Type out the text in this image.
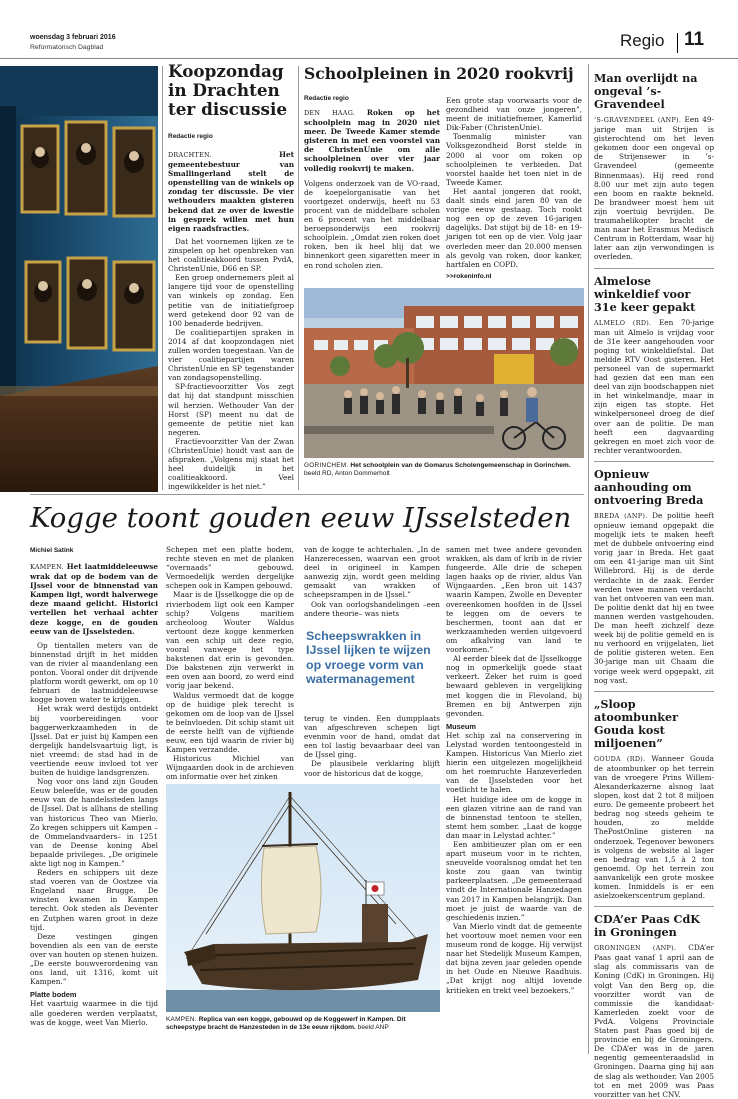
woensdag 3 februari 2016
Reformatorisch Dagblad	Regio 11
Koopzondag in Drachten ter discussie
Redactie regio
DRACHTEN.	Het gemeentebestuur van Smallingerland stelt de openstelling van de winkels op zondag ter discussie. De vier wethouders maakten gisteren bekend dat ze over de kwestie in gesprek willen met hun eigen raadsfracties.

Dat het voornemen lijken ze te zinspelen op het openbreken van het coalitieakkoord tussen PvdA, ChristenUnie, D66 en SP.

Een groep ondernemers pleit al langere tijd voor de openstelling van winkels op zondag. Een petitie van de initiatiefgroep werd getekend door 92 van de 100 benaderde bedrijven.

De coalitiepartijen spraken in 2014 af dat koopzondagen niet zullen worden toegestaan. Van de vier coalitiepartijen waren ChristenUnie en SP tegenstander van zondagsopenstelling.

SP-fractievoorzitter Vos zegt dat hij dat standpunt misschien wil herzien. Wethouder Van der Horst (SP) meent nu dat de gemeente de petitie niet kan negeren.

Fractievoorzitter Van der Zwan (ChristenUnie) houdt vast aan de afspraken. „Volgens mij staat het heel duidelijk in het coalitieakkoord. Veel ingewikkelder is het niet.”

Schoolpleinen in 2020 rookvrij
Redactie regio
DEN HAAG. Roken op het schoolplein mag in 2020 niet meer. De Tweede Kamer stemde gisteren in met een voorstel van de ChristenUnie om alle schoolpleinen over vier jaar volledig rookvrij te maken.

Volgens onderzoek van de VO-raad, de koepelorganisatie van het voortgezet onderwijs, heeft nu 53 procent van de middelbare scholen en 6 procent van het middelbaar beroepsonderwijs een rookvrij schoolplein. „Omdat zien roken doet roken, ben ik heel blij dat we binnenkort geen sigaretten meer in en rond scholen zien.

Een grote stap voorwaarts voor de gezondheid van onze jongeren”, meent de initiatiefnemer, Kamerlid Dik-Faber (ChristenUnie).

Toenmalig minister van Volksgezondheid Borst stelde in 2000 al voor om roken op schoolpleinen te verbieden. Dat voorstel haalde het toen niet in de Tweede Kamer.

Het aantal jongeren dat rookt, daalt sinds eind jaren 80 van de vorige eeuw gestaag. Toch rookt nog een op de zeven 16-jarigen dagelijks. Dat stijgt bij de 18- en 19-jarigen tot een op de vier. Volg jaar overleden meer dan 20.000 mensen als gevolg van roken, door kanker, hartfalen en COPD.

>>rokeninfo.nl
GORINCHEM. Het schoolplein van de Gomarus Scholengemeenschap in Gorinchem. beeld RD, Anton Dommerholt
Kogge toont gouden eeuw IJsselsteden
Michiel Satink
KAMPEN. Het laatmiddeleeuwse wrak dat op de bodem van de IJssel voor de binnenstad van Kampen ligt, wordt halverwege deze maand gelicht. Historici vertellen het verhaal achter deze kogge, en de gouden eeuw van de IJsselsteden.

Op tientallen meters van de binnenstad drijft in het midden van de rivier al maandenlang een ponton. Vooral onder dit drijvende platform wordt gewerkt, om op 10 februari de laatmiddeleeuwse kogge boven water te krijgen.

Het wrak werd destijds ontdekt bij voorbereidingen voor baggerwerkzaamheden in de IJssel. Dat er juist bij Kampen een dergelijk handelsvaartuig ligt, is niet vreemd: de stad had in de veertiende eeuw invloed tot ver buiten de huidige landsgrenzen.

Nog voor ons land zijn Gouden Eeuw beleefde, was er de gouden eeuw van de handelssteden langs de IJssel. Dat is allhans de stelling van historicus Theo van Mierlo. Zo kregen schippers uit Kampen –de Ommelandvaarders– in 1251 van de Deense koning Abel bepaalde privileges. „De originele akte ligt nog in Kampen.”

Reders en schippers uit deze stad voeren van de Oostzee via Engeland naar Brugge. De winsten kwamen in Kampen terecht. Ook steden als Deventer en Zutphen waren groot in deze tijd.

Deze vestingen gingen bovendien als een van de eerste over van houten op stenen huizen. „De eerste bouwverordening van ons land, uit 1316, komt uit Kampen.”

Platte bodem

Het vaartuig waarmee in die tijd alle goederen werden verplaatst, was de kogge, weet Van Mierlo.

Schepen met een platte bodem, rechte steven en met de planken “overnaads” gebouwd. Vermoedelijk werden dergelijke schepen ook in Kampen gebouwd.

Maar is de IJsselkogge die op de rivierbodem ligt ook een Kamper schip? Volgens maritiem archeoloog Wouter Waldus vertoont deze kogge kenmerken van een schip uit deze regio, vooral vanwege het type bakstenen dat erin is gevonden. Die bakstenen zijn verwerkt in een oven aan boord, zo werd eind vorig jaar bekend.

Waldus vermoedt dat de kogge op de huidige plek terecht is gekomen om de loop van de IJssel te beïnvloeden. Dit schip stamt uit de eerste helft van de vijftiende eeuw, een tijd waarin de rivier bij Kampen verzandde.

Historicus Michiel van Wijngaarden dook in de archieven om informatie over het zinken

van de kogge te achterhalen. „In de Hanzerecessen, waarvan een groot deel in origineel in Kampen aanwezig zijn, wordt geen melding gemaakt van wrakken of scheepsrampen in de IJssel.”

Ook van oorlogshandelingen –een andere theorie– was niets

Scheepswrakken in IJssel lijken te wijzen op vroege vorm van watermanagement

terug te vinden. Een dumpplaats van afgeschreven schepen ligt evenmin voor de hand, omdat dat een tol lastig bevaarbaar deel van de IJssel ging.

De plausibele verklaring blijft voor de historicus dat de kogge,

samen met twee andere gevonden wrakken, als dam of krib in de rivier fungeerde. Alle drie de schepen lagen haaks op de rivier, aldus Van Wijngaarden. „Een bron uit 1437 waarin Kampen, Zwolle en Deventer overeenkomen hoofden in de IJssel te leggen om de oevers te beschermen, toont aan dat er werkzaamheden werden uitgevoerd om afkalving van land te voorkomen.”

Al eerder bleek dat de IJsselkogge nog in opmerkelijk goede staat verkeert. Zeker het ruim is goed bewaard gebleven in vergelijking met koggen die in Flevoland, bij Bremen en bij Antwerpen zijn gevonden.

Museum

Het schip zal na conservering in Lelystad worden tentoongesteld in Kampen. Historicus Van Mierlo ziet hierin een uitgelezen mogelijkheid om het roemruchte Hanzeverleden van de IJsselsteden voor het voetlicht te halen.

Het huidige idee om de kogge in een glazen vitrine aan de rand van de binnenstad tentoon te stellen, stemt hem somber. „Laat de kogge dan maar in Lelystad achter.”

Een ambitieuzer plan om er een apart museum voor in te richten, sneuvelde vooralsnog omdat het ten koste zou gaan van twintig parkeerplaatsen. „De gemeenteraad vindt de Internationale Hanzedagen van 2017 in Kampen belangrijk. Dan moet je juist de waarde van de geschiedenis inzien.”

Van Mierlo vindt dat de gemeente het voortouw moet nemen voor een museum rond de kogge. Hij verwijst naar het Stedelijk Museum Kampen, dat bijna zeven jaar geleden opende in het Oude en Nieuwe Raadhuis. „Dat krijgt nog altijd lovende kritieken en trekt veel bezoekers.”

KAMPEN. Replica van een kogge, gebouwd op de Koggewerf in Kampen. Dit scheepstype bracht de Hanzesteden in de 13e eeuw rijkdom. beeld ANP
Man overlijdt na ongeval ’s-Gravendeel
’S-GRAVENDEEL (ANP). Een 49-jarige man uit Strijen is gisterochtend om het leven gekomen door een ongeval op de Strijensewег in ’s-Gravendeel (gemeente Binnenmaas). Hij reed rond 8.00 uur met zijn auto tegen een boom en raakte bekneld. De brandweer moest hem uit zijn voertuig bevrijden. De traumahelikopter bracht de man naar het Erasmus Medisch Centrum in Rotterdam, waar hij later aan zijn verwondingen is overleden.
Almelose winkeldief voor 31e keer gepakt
ALMELO (RD). Een 70-jarige man uit Almelo is vrijdag voor de 31e keer aangehouden voor poging tot winkeldiefstal. Dat meldde RTV Oost gisteren. Het personeel van de supermarkt had gezien dat een man een deel van zijn boodschappen niet in het winkelmandje, maar in zijn eigen tas stopte. Het winkelpersoneel droeg de dief over aan de politie. De man heeft een dagvaarding gekregen en moet zich voor de rechter verantwoorden.
Opnieuw aanhouding om ontvoering Breda
BREDA (ANP). De politie heeft opnieuw iemand opgepakt die mogelijk iets te maken heeft met de dubbele ontvoering eind vorig jaar in Breda. Het gaat om een 41-jarige man uit Sint Willebrord. Hij is de derde verdachte in de zaak. Eerder werden twee mannen verdacht van het ontvoeren van een man. De politie denkt dat hij en twee mannen werden vastgehouden. De man heeft zichzelf deze week bij de politie gemeld en is nu verhoord en vrijgelaten, liet de politie gisteren weten. Een 30-jarige man uit Chaam die vorige week werd opgepakt, zit nog vast.
„Sloop atoombunker Gouda kost miljoenen”
GOUDA (RD). Wanneer Gouda de atoombunker op het terrein van de vroegere Prins Willem-Alexanderkazerne alsnog laat slopen, kost dat 2 tot 8 miljoen euro. De gemeente probeert het bedrag nog steeds geheim te houden, zo meldde ThePostOnline gisteren na onderzoek. Tegenover bewoners is volgens de website al lager een bedrag van 1,5 à 2 ton genoemd. Op het terrein zou aanvankelijk een grote moskee komen. Inmiddels is er een asielzoekerscentrum gepland.
CDA’er Paas CdK in Groningen
GRONINGEN (ANP). CDA’er Paas gaat vanaf 1 april aan de slag als commissaris van de Koning (CdK) in Groningen. Hij volgt Van den Berg op, die voorzitter wordt van de commissie die kandidaat-Kamerleden zoekt voor de PvdA. Volgens Provinciale Staten past Paas goed bij de provincie en bij de Groningers. De CDA’er was in de jaren negentig gemeenteraadslid in Groningen. Daarna ging hij aan de slag als wethouder. Van 2005 tot en met 2009 was Paas voorzitter van het CNV.
